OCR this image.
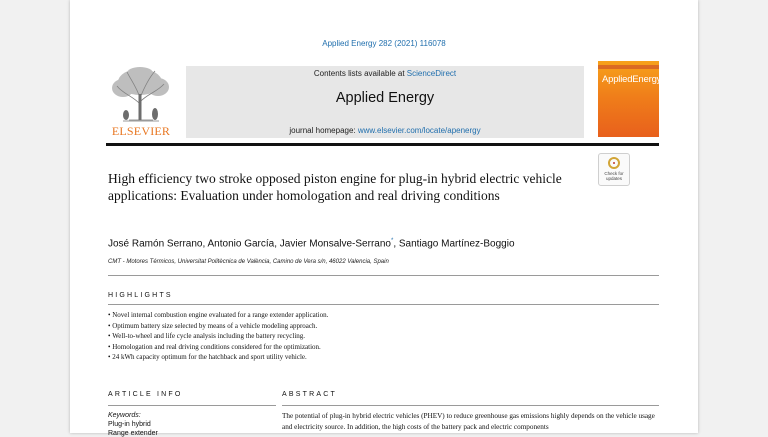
Applied Energy 282 (2021) 116078
ELSEVIER
Contents lists available at ScienceDirect
Applied Energy
journal homepage: www.elsevier.com/locate/apenergy
AppliedEnergy
High efficiency two stroke opposed piston engine for plug-in hybrid electric vehicle applications: Evaluation under homologation and real driving conditions
Check for updates
José Ramón Serrano, Antonio García, Javier Monsalve-Serrano*, Santiago Martínez-Boggio
CMT - Motores Térmicos, Universitat Politècnica de València, Camino de Vera s/n, 46022 Valencia, Spain
HIGHLIGHTS
• Novel internal combustion engine evaluated for a range extender application.
• Optimum battery size selected by means of a vehicle modeling approach.
• Well-to-wheel and life cycle analysis including the battery recycling.
• Homologation and real driving conditions considered for the optimization.
• 24 kWh capacity optimum for the hatchback and sport utility vehicle.
ARTICLE INFO
Keywords:
Plug-in hybrid
Range extender
ABSTRACT
The potential of plug-in hybrid electric vehicles (PHEV) to reduce greenhouse gas emissions highly depends on the vehicle usage and electricity source. In addition, the high costs of the battery pack and electric components
